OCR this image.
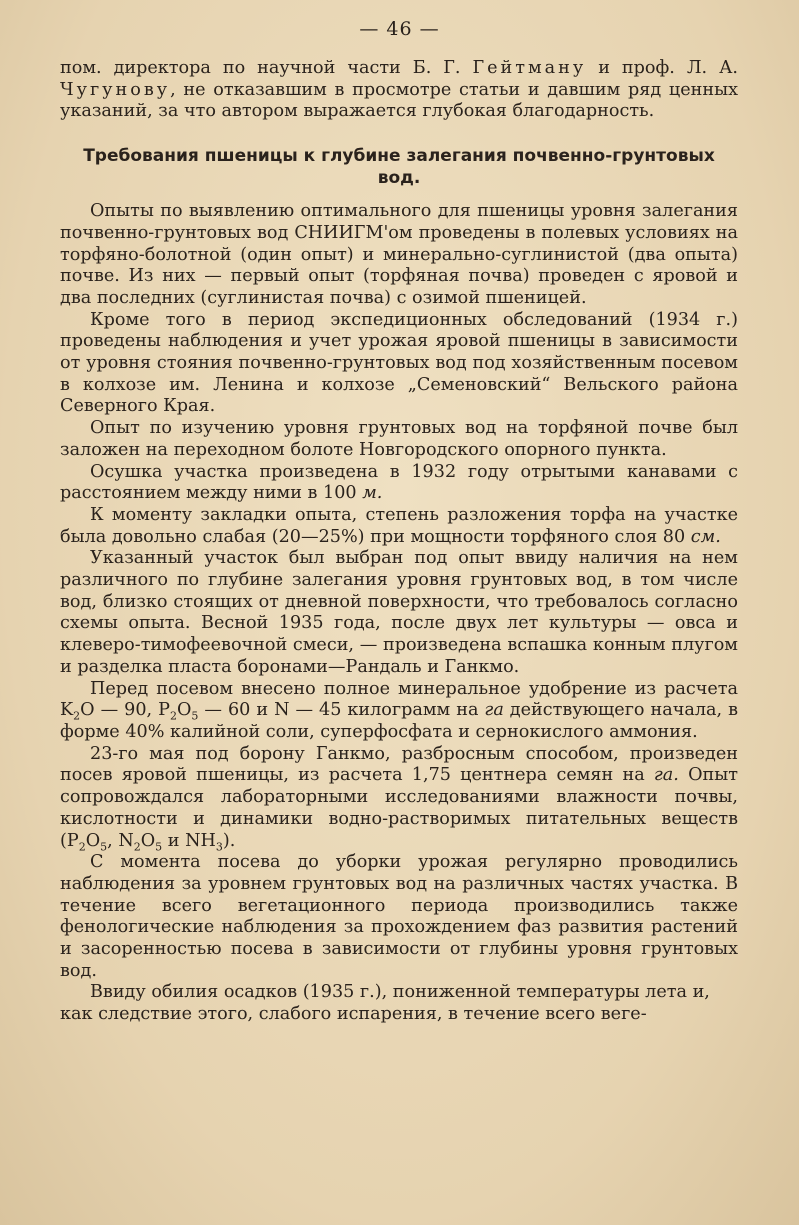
— 46 —

пом. директора по научной части Б. Г. Гейтману и проф. Л. А. Чугунову, не отказавшим в просмотре статьи и давшим ряд ценных указаний, за что автором выражается глубокая благодарность.

Требования пшеницы к глубине залегания почвенно-грунтовых вод.

Опыты по выявлению оптимального для пшеницы уровня залегания почвенно-грунтовых вод СНИИГМ'ом проведены в полевых условиях на торфяно-болотной (один опыт) и минерально-суглинистой (два опыта) почве. Из них — первый опыт (торфяная почва) проведен с яровой и два последних (суглинистая почва) с озимой пшеницей.

Кроме того в период экспедиционных обследований (1934 г.) проведены наблюдения и учет урожая яровой пшеницы в зависимости от уровня стояния почвенно-грунтовых вод под хозяйственным посевом в колхозе им. Ленина и колхозе „Семеновский“ Вельского района Северного Края.

Опыт по изучению уровня грунтовых вод на торфяной почве был заложен на переходном болоте Новгородского опорного пункта.

Осушка участка произведена в 1932 году отрытыми канавами с расстоянием между ними в 100 м.

К моменту закладки опыта, степень разложения торфа на участке была довольно слабая (20—25%) при мощности торфяного слоя 80 см.

Указанный участок был выбран под опыт ввиду наличия на нем различного по глубине залегания уровня грунтовых вод, в том числе вод, близко стоящих от дневной поверхности, что требовалось согласно схемы опыта. Весной 1935 года, после двух лет культуры — овса и клеверо-тимофеевочной смеси, — произведена вспашка конным плугом и разделка пласта боронами—Рандаль и Ганкмо.

Перед посевом внесено полное минеральное удобрение из расчета $K_2O$ — 90, $P_2O_5$ — 60 и N — 45 килограмм на га действующего начала, в форме 40% калийной соли, суперфосфата и сернокислого аммония.

23-го мая под борону Ганкмо, разбросным способом, произведен посев яровой пшеницы, из расчета 1,75 центнера семян на га. Опыт сопровождался лабораторными исследованиями влажности почвы, кислотности и динамики водно-растворимых питательных веществ ($P_2O_5$, $N_2O_5$ и $NH_3$).

С момента посева до уборки урожая регулярно проводились наблюдения за уровнем грунтовых вод на различных частях участка. В течение всего вегетационного периода производились также фенологические наблюдения за прохождением фаз развития растений и засоренностью посева в зависимости от глубины уровня грунтовых вод.

Ввиду обилия осадков (1935 г.), пониженной температуры лета и, как следствие этого, слабого испарения, в течение всего веге-
